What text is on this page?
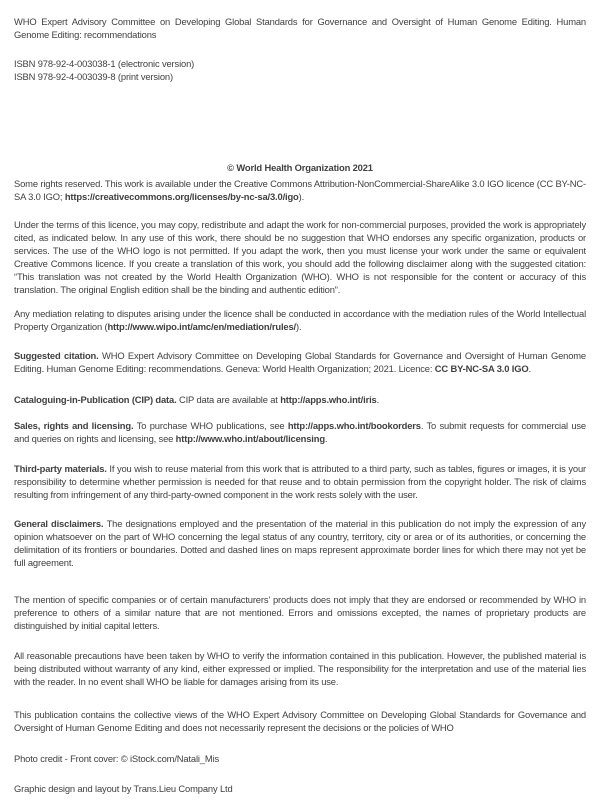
WHO Expert Advisory Committee on Developing Global Standards for Governance and Oversight of Human Genome Editing. Human Genome Editing: recommendations

ISBN 978-92-4-003038-1 (electronic version)
ISBN 978-92-4-003039-8 (print version)

© World Health Organization 2021

Some rights reserved. This work is available under the Creative Commons Attribution-NonCommercial-ShareAlike 3.0 IGO licence (CC BY-NC-SA 3.0 IGO; https://creativecommons.org/licenses/by-nc-sa/3.0/igo).

Under the terms of this licence, you may copy, redistribute and adapt the work for non-commercial purposes, provided the work is appropriately cited, as indicated below. In any use of this work, there should be no suggestion that WHO endorses any specific organization, products or services. The use of the WHO logo is not permitted. If you adapt the work, then you must license your work under the same or equivalent Creative Commons licence. If you create a translation of this work, you should add the following disclaimer along with the suggested citation: “This translation was not created by the World Health Organization (WHO). WHO is not responsible for the content or accuracy of this translation. The original English edition shall be the binding and authentic edition”.

Any mediation relating to disputes arising under the licence shall be conducted in accordance with the mediation rules of the World Intellectual Property Organization (http://www.wipo.int/amc/en/mediation/rules/).

Suggested citation. WHO Expert Advisory Committee on Developing Global Standards for Governance and Oversight of Human Genome Editing. Human Genome Editing: recommendations. Geneva: World Health Organization; 2021. Licence: CC BY-NC-SA 3.0 IGO.

Cataloguing-in-Publication (CIP) data. CIP data are available at http://apps.who.int/iris.

Sales, rights and licensing. To purchase WHO publications, see http://apps.who.int/bookorders. To submit requests for commercial use and queries on rights and licensing, see http://www.who.int/about/licensing.

Third-party materials. If you wish to reuse material from this work that is attributed to a third party, such as tables, figures or images, it is your responsibility to determine whether permission is needed for that reuse and to obtain permission from the copyright holder. The risk of claims resulting from infringement of any third-party-owned component in the work rests solely with the user.

General disclaimers. The designations employed and the presentation of the material in this publication do not imply the expression of any opinion whatsoever on the part of WHO concerning the legal status of any country, territory, city or area or of its authorities, or concerning the delimitation of its frontiers or boundaries. Dotted and dashed lines on maps represent approximate border lines for which there may not yet be full agreement.

The mention of specific companies or of certain manufacturers’ products does not imply that they are endorsed or recommended by WHO in preference to others of a similar nature that are not mentioned. Errors and omissions excepted, the names of proprietary products are distinguished by initial capital letters.

All reasonable precautions have been taken by WHO to verify the information contained in this publication. However, the published material is being distributed without warranty of any kind, either expressed or implied. The responsibility for the interpretation and use of the material lies with the reader. In no event shall WHO be liable for damages arising from its use.

This publication contains the collective views of the WHO Expert Advisory Committee on Developing Global Standards for Governance and Oversight of Human Genome Editing and does not necessarily represent the decisions or the policies of WHO

Photo credit - Front cover: © iStock.com/Natali_Mis

Graphic design and layout by Trans.Lieu Company Ltd
